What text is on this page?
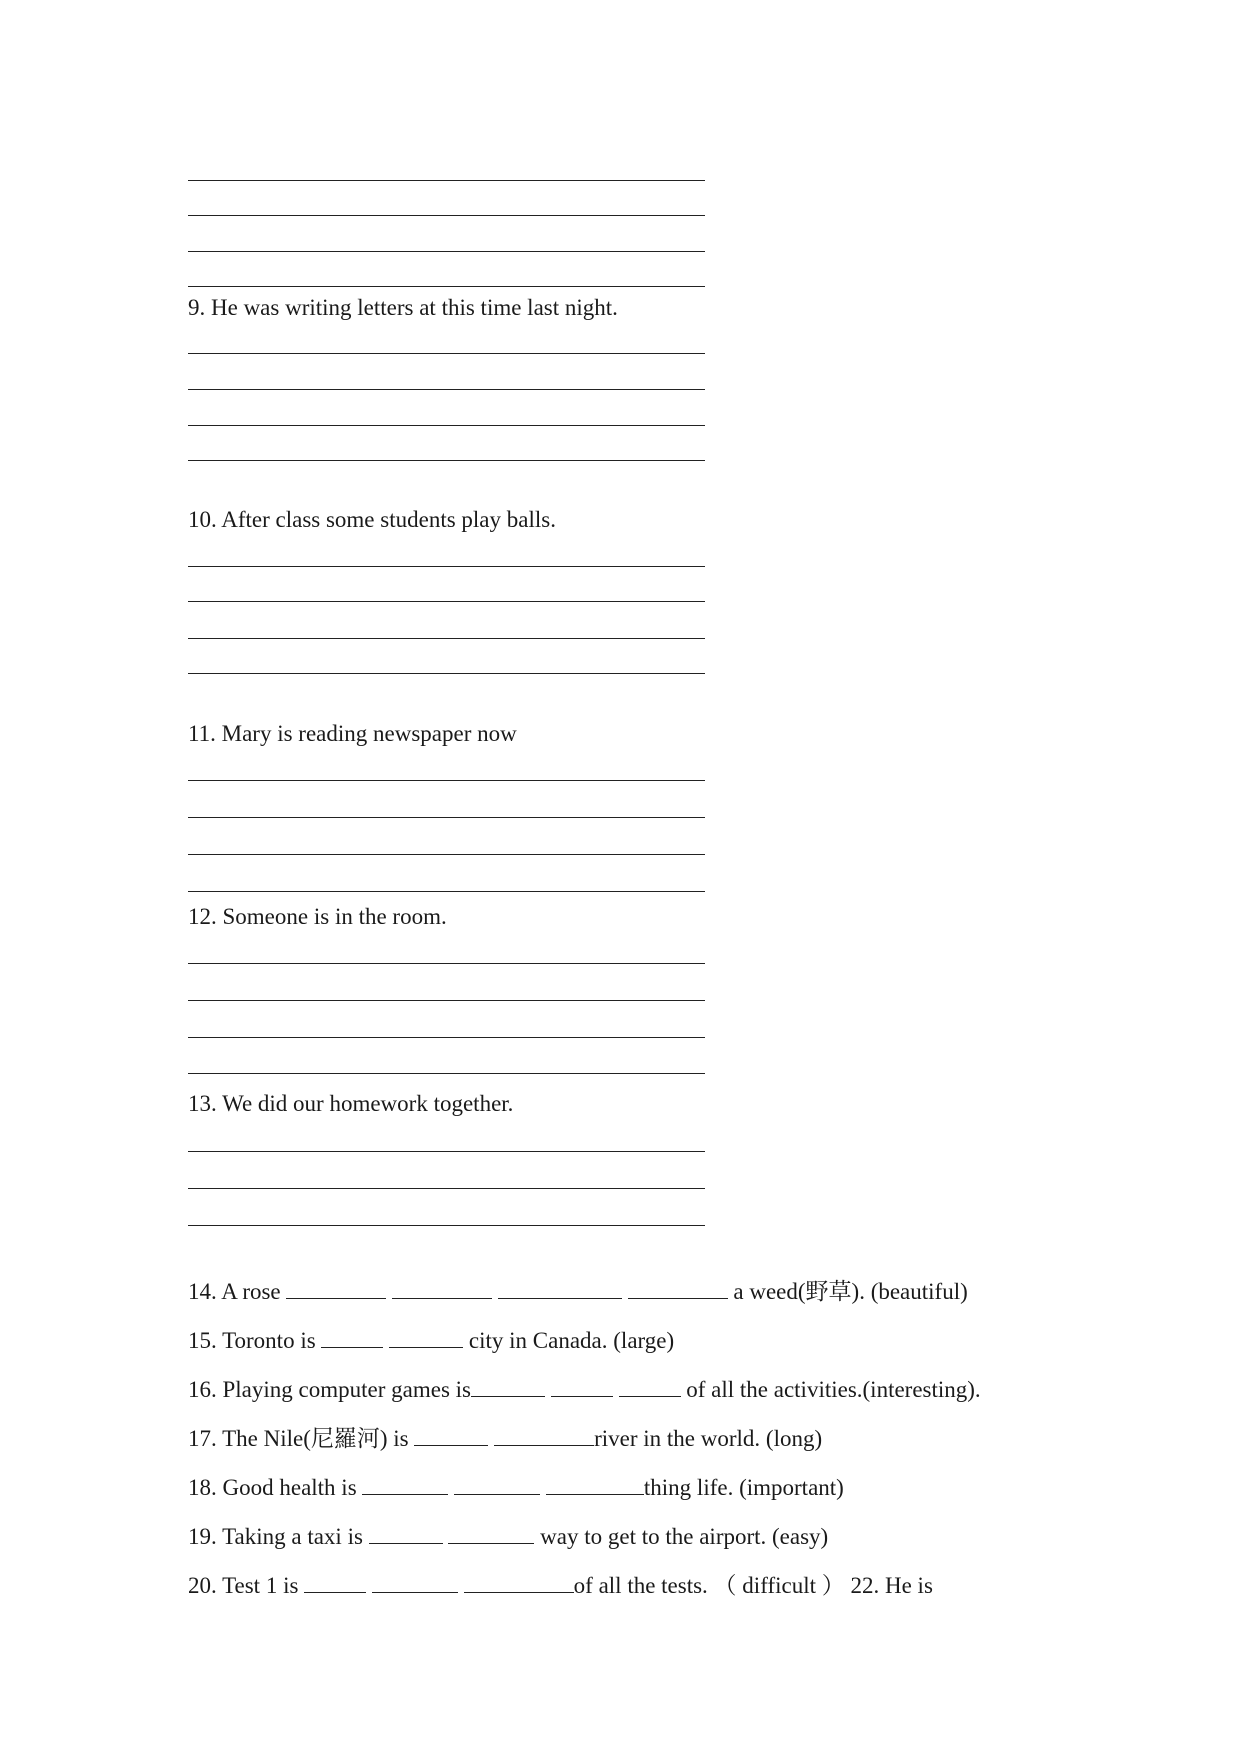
9. He was writing letters at this time last night.
10. After class some students play balls.
11. Mary is reading newspaper now
12. Someone is in the room.
13. We did our homework together.
14. A rose	a weed(野草). (beautiful)
15. Toronto is	city in Canada. (large)
16. Playing computer games is	of all the activities.(interesting).
17. The Nile(尼羅河) is	river in the world. (long)
18. Good health is	thing life. (important)
19. Taking a taxi is	way to get to the airport. (easy)
20. Test 1 is	of all the tests. （ difficult ） 22. He is
